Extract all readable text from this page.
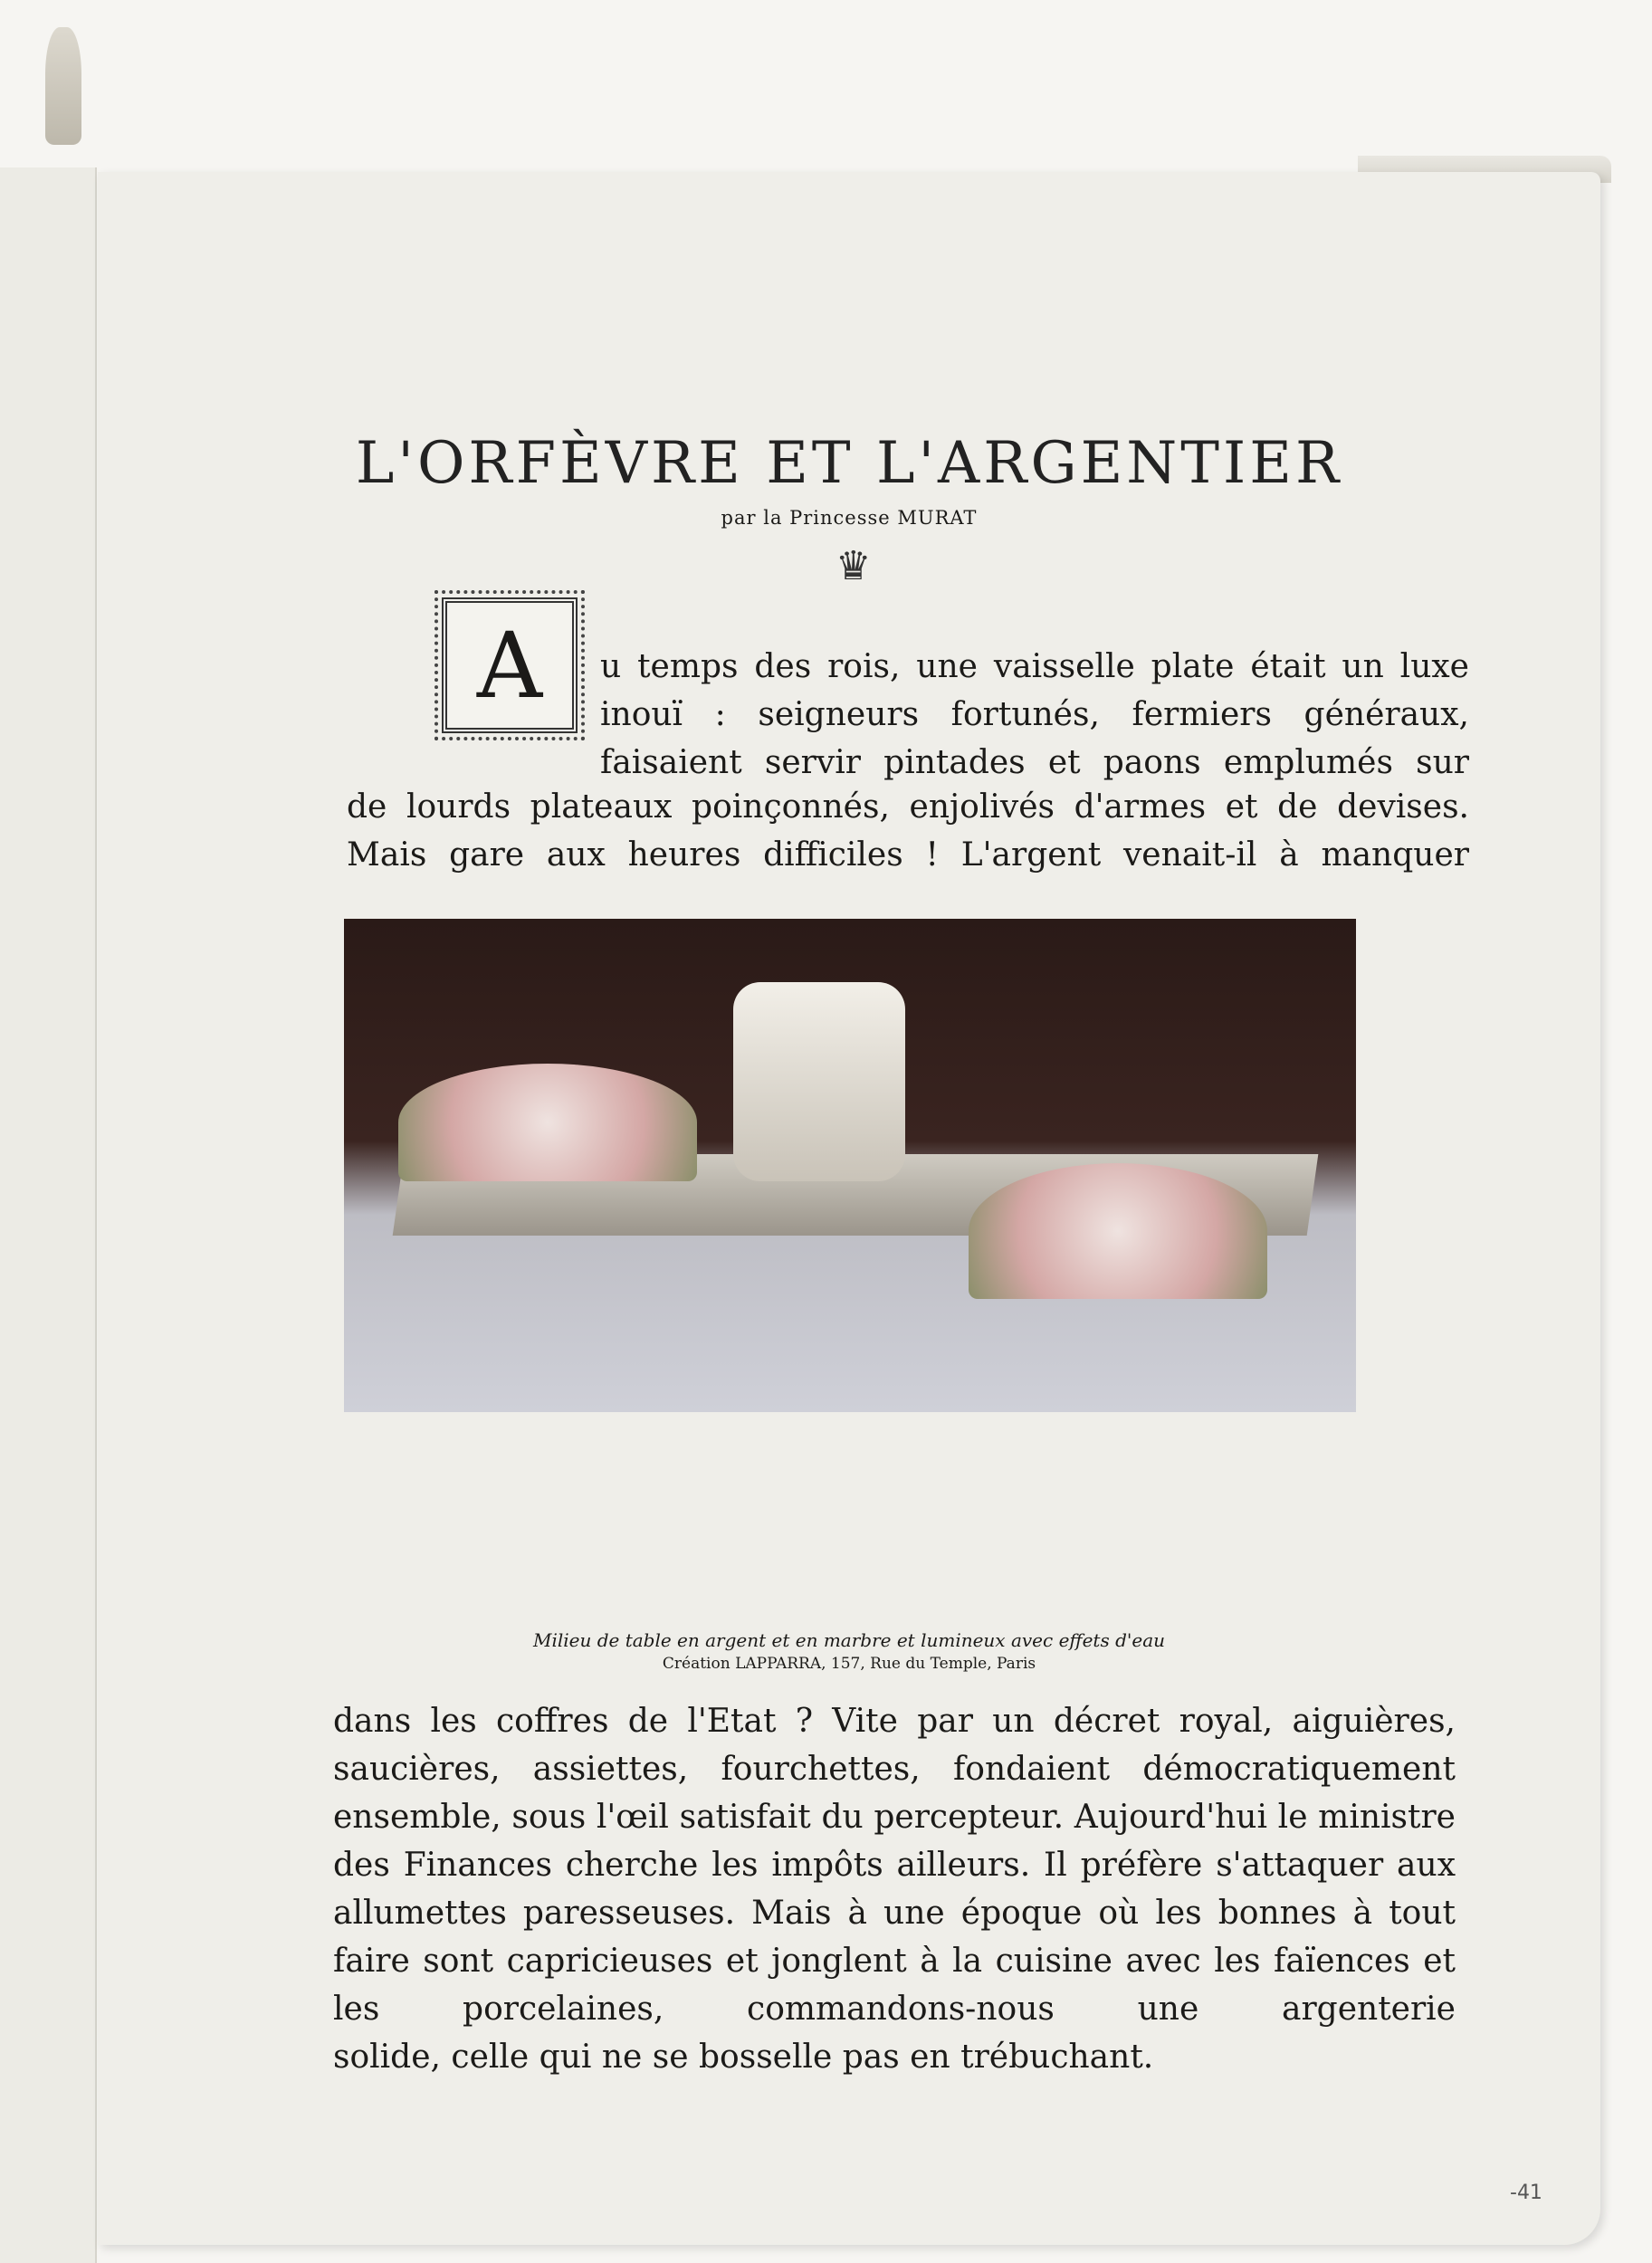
L'ORFÈVRE ET L'ARGENTIER
par la Princesse MURAT
♛
A	u temps des rois, une vaisselle plate était un luxe inouï : seigneurs fortunés, fermiers généraux, faisaient servir pintades et paons emplumés sur
de lourds plateaux poinçonnés, enjolivés d'armes et de devises. Mais gare aux heures difficiles ! L'argent venait-il à manquer
Milieu de table en argent et en marbre et lumineux avec effets d'eau
Création LAPPARRA, 157, Rue du Temple, Paris
dans les coffres de l'Etat ? Vite par un décret royal, aiguières, saucières, assiettes, fourchettes, fondaient démocratiquement ensemble, sous l'œil satisfait du percepteur. Aujourd'hui le ministre des Finances cherche les impôts ailleurs. Il préfère s'attaquer aux allumettes paresseuses. Mais à une époque où les bonnes à tout faire sont capricieuses et jonglent à la cuisine avec les faïences et les porcelaines, commandons-nous une argenterie
solide, celle qui ne se bosselle pas en trébuchant.
-41
